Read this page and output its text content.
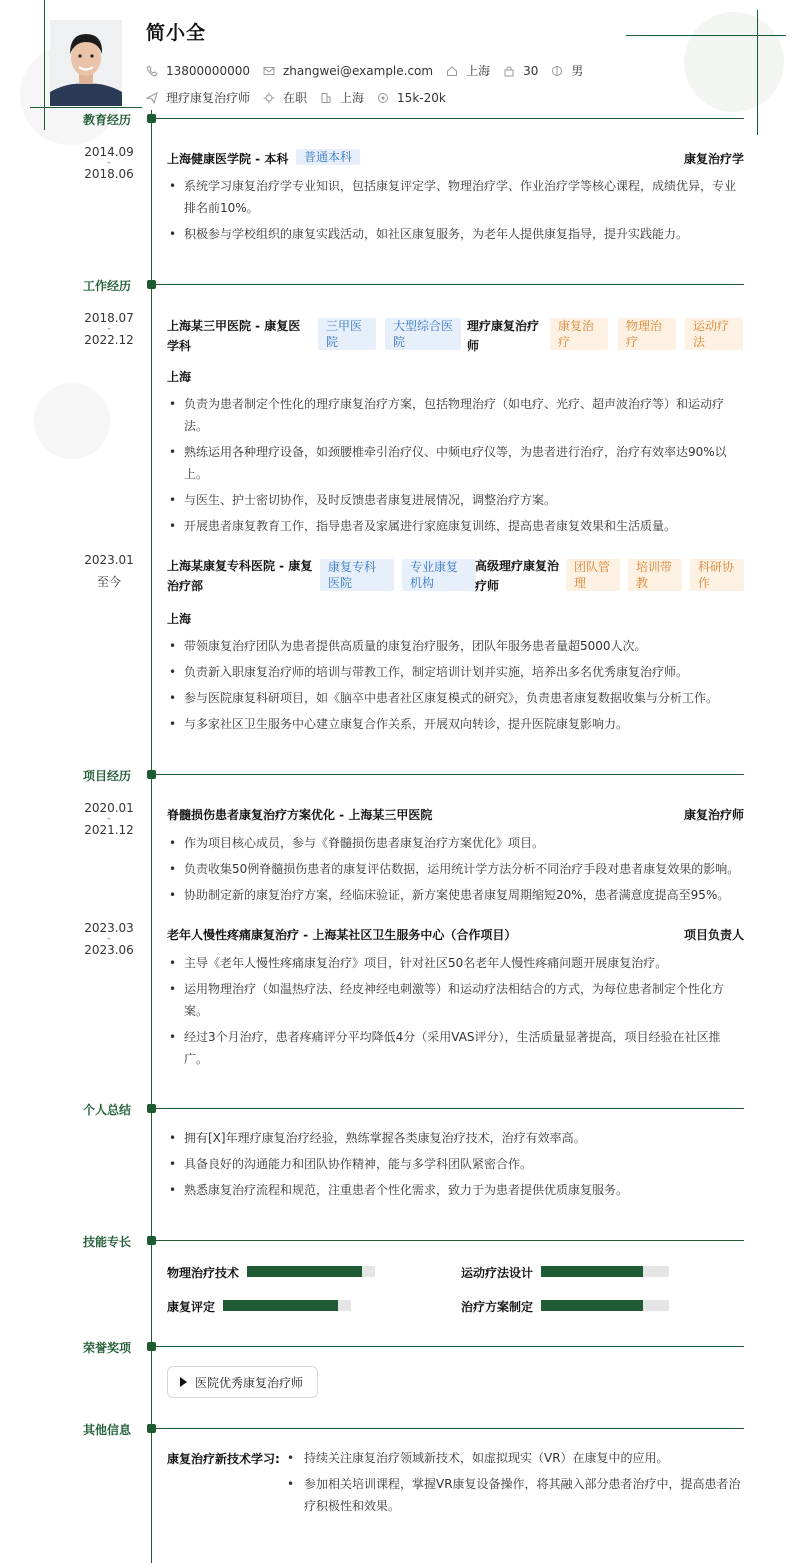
简小全
13800000000	zhangwei@example.com	上海	30	男
理疗康复治疗师	在职	上海	15k-20k
教育经历
2014.09
-
2018.06
上海健康医学院 - 本科	普通本科	康复治疗学
• 系统学习康复治疗学专业知识，包括康复评定学、物理治疗学、作业治疗学等核心课程，成绩优异，专业排名前10%。
• 积极参与学校组织的康复实践活动，如社区康复服务，为老年人提供康复指导，提升实践能力。
工作经历
2018.07
-
2022.12
上海某三甲医院 - 康复医学科
三甲医院
大型综合医院
理疗康复治疗师
康复治疗
物理治疗
运动疗法
上海
• 负责为患者制定个性化的理疗康复治疗方案，包括物理治疗（如电疗、光疗、超声波治疗等）和运动疗法。
• 熟练运用各种理疗设备，如颈腰椎牵引治疗仪、中频电疗仪等，为患者进行治疗，治疗有效率达90%以上。
• 与医生、护士密切协作，及时反馈患者康复进展情况，调整治疗方案。
• 开展患者康复教育工作，指导患者及家属进行家庭康复训练，提高患者康复效果和生活质量。
2023.01
至今
上海某康复专科医院 - 康复治疗部
康复专科医院
专业康复机构
高级理疗康复治疗师
团队管理
培训带教
科研协作
上海
• 带领康复治疗团队为患者提供高质量的康复治疗服务，团队年服务患者量超5000人次。
• 负责新入职康复治疗师的培训与带教工作，制定培训计划并实施，培养出多名优秀康复治疗师。
• 参与医院康复科研项目，如《脑卒中患者社区康复模式的研究》，负责患者康复数据收集与分析工作。
• 与多家社区卫生服务中心建立康复合作关系，开展双向转诊，提升医院康复影响力。
项目经历
2020.01
-
2021.12
脊髓损伤患者康复治疗方案优化 - 上海某三甲医院	康复治疗师
• 作为项目核心成员，参与《脊髓损伤患者康复治疗方案优化》项目。
• 负责收集50例脊髓损伤患者的康复评估数据，运用统计学方法分析不同治疗手段对患者康复效果的影响。
• 协助制定新的康复治疗方案，经临床验证，新方案使患者康复周期缩短20%，患者满意度提高至95%。
2023.03
-
2023.06
老年人慢性疼痛康复治疗 - 上海某社区卫生服务中心（合作项目）	项目负责人
• 主导《老年人慢性疼痛康复治疗》项目，针对社区50名老年人慢性疼痛问题开展康复治疗。
• 运用物理治疗（如温热疗法、经皮神经电刺激等）和运动疗法相结合的方式，为每位患者制定个性化方案。
• 经过3个月治疗，患者疼痛评分平均降低4分（采用VAS评分），生活质量显著提高，项目经验在社区推广。
个人总结
• 拥有[X]年理疗康复治疗经验，熟练掌握各类康复治疗技术，治疗有效率高。
• 具备良好的沟通能力和团队协作精神，能与多学科团队紧密合作。
• 熟悉康复治疗流程和规范，注重患者个性化需求，致力于为患者提供优质康复服务。
技能专长
物理治疗技术	运动疗法设计
康复评定	治疗方案制定
荣誉奖项
医院优秀康复治疗师
其他信息
康复治疗新技术学习:
•	持续关注康复治疗领域新技术，如虚拟现实（VR）在康复中的应用。
• 参加相关培训课程，掌握VR康复设备操作，将其融入部分患者治疗中，提高患者治疗积极性和效果。
